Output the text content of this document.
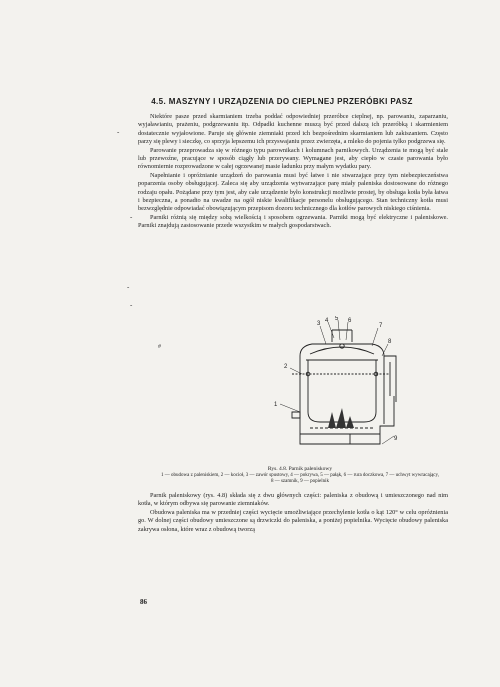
4.5. MASZYNY I URZĄDZENIA DO CIEPLNEJ PRZERÓBKI PASZ

Niektóre pasze przed skarmianiem trzeba poddać odpowiedniej przeróbce cieplnej, np. parowaniu, zaparzaniu, wyjaławianiu, prażeniu, podgrzewaniu itp. Odpadki kuchenne muszą być przed dalszą ich przeróbką i skarmieniem dostatecznie wyjałowione. Paruje się głównie ziemniaki przed ich bezpośrednim skarmianiem lub zakiszaniem. Często parzy się plewy i sieczkę, co sprzyja lepszemu ich przyswajaniu przez zwierzęta, a mleko do pojenia tylko podgrzewa się.

Parowanie przeprowadza się w różnego typu parownikach i kolumnach parnikowych. Urządzenia te mogą być stale lub przewoźne, pracujące w sposób ciągły lub przerywany. Wymagane jest, aby ciepło w czasie parowania było równomiernie rozprowadzone w całej ogrzewanej masie ładunku przy małym wydatku pary.

Napełnianie i opróżnianie urządzeń do parowania musi być łatwe i nie stwarzające przy tym niebezpieczeństwa poparzenia osoby obsługującej. Zaleca się aby urządzenia wytwarzające parę miały paleniska dostosowane do różnego rodzaju opału. Pożądane przy tym jest, aby całe urządzenie było konstrukcji możliwie prostej, by obsługa kotła była łatwa i bezpieczna, a ponadto na uwadze na ogół niskie kwalifikacje personelu obsługującego. Stan techniczny kotła musi bezwzględnie odpowiadać obowiązującym przepisom dozoru technicznego dla kotłów parowych niskiego ciśnienia.

Parniki różnią się między sobą wielkością i sposobem ogrzewania. Parniki mogą być elektryczne i paleniskowe. Parniki znajdują zastosowanie przede wszystkim w małych gospodarstwach.

-
-
-
-
#
3 4 5 6
7
2
8
1
9
Rys. 4.8. Parnik paleniskowy
1 — obudowa z paleniskiem, 2 — kocioł, 3 — zawór spustowy, 4 — pokrywa, 5 — pałąk, 6 — rura doczkowa, 7 — uchwyt wywracający, 8 — szamnik, 9 — popielnik

Parnik paleniskowy (rys. 4.8) składa się z dwu głównych części: paleniska z obudową i umieszczonego nad nim kotła, w którym odbywa się parowanie ziemniaków.

Obudowa paleniska ma w przedniej części wycięcie umożliwiające przechylenie kotła o kąt 120° w celu opróżnienia go. W dolnej części obudowy umieszczone są drzwiczki do paleniska, a poniżej popielnika. Wycięcie obudowy paleniska zakrywa osłona, które wraz z obudową tworzą

86
